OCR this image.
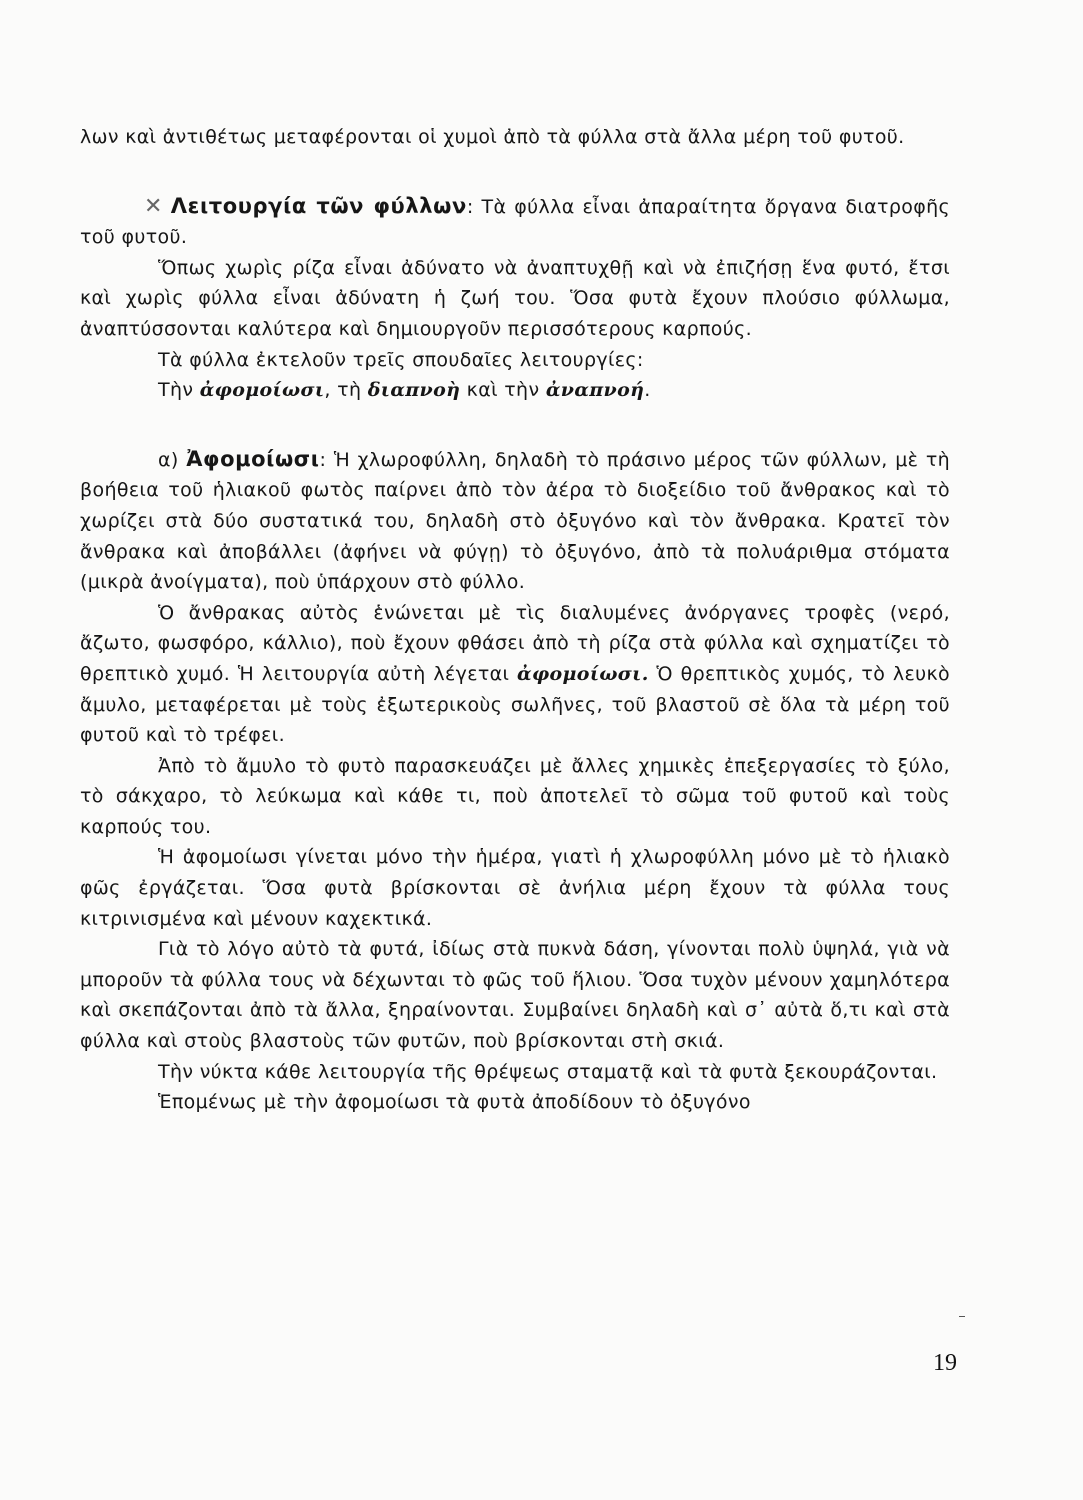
λων καὶ ἀντιθέτως μεταφέρονται οἱ χυμοὶ ἀπὸ τὰ φύλλα στὰ ἄλλα μέρη τοῦ φυτοῦ.

✕ Λειτουργία τῶν φύλλων: Τὰ φύλλα εἶναι ἀπαραίτητα ὄργανα διατροφῆς τοῦ φυτοῦ.

Ὅπως χωρὶς ρίζα εἶναι ἀδύνατο νὰ ἀναπτυχθῇ καὶ νὰ ἐπιζήσῃ ἕνα φυτό, ἔτσι καὶ χωρὶς φύλλα εἶναι ἀδύνατη ἡ ζωή του. Ὅσα φυτὰ ἔχουν πλούσιο φύλλωμα, ἀναπτύσσονται καλύτερα καὶ δημιουργοῦν περισσότερους καρπούς.

Τὰ φύλλα ἐκτελοῦν τρεῖς σπουδαῖες λειτουργίες:

Τὴν ἀφομοίωσι, τὴ διαπνοὴ καὶ τὴν ἀναπνοή.

α) Ἀφομοίωσι: Ἡ χλωροφύλλη, δηλαδὴ τὸ πράσινο μέρος τῶν φύλλων, μὲ τὴ βοήθεια τοῦ ἡλιακοῦ φωτὸς παίρνει ἀπὸ τὸν ἀέρα τὸ διοξείδιο τοῦ ἄνθρακος καὶ τὸ χωρίζει στὰ δύο συστατικά του, δηλαδὴ στὸ ὀξυγόνο καὶ τὸν ἄνθρακα. Κρατεῖ τὸν ἄνθρακα καὶ ἀποβάλλει (ἀφήνει νὰ φύγῃ) τὸ ὀξυγόνο, ἀπὸ τὰ πολυάριθμα στόματα (μικρὰ ἀνοίγματα), ποὺ ὑπάρχουν στὸ φύλλο.

Ὁ ἄνθρακας αὐτὸς ἑνώνεται μὲ τὶς διαλυμένες ἀνόργανες τροφὲς (νερό, ἄζωτο, φωσφόρο, κάλλιο), ποὺ ἔχουν φθάσει ἀπὸ τὴ ρίζα στὰ φύλλα καὶ σχηματίζει τὸ θρεπτικὸ χυμό. Ἡ λειτουργία αὐτὴ λέγεται ἀφομοίωσι. Ὁ θρεπτικὸς χυμός, τὸ λευκὸ ἄμυλο, μεταφέρεται μὲ τοὺς ἐξωτερικοὺς σωλῆνες, τοῦ βλαστοῦ σὲ ὅλα τὰ μέρη τοῦ φυτοῦ καὶ τὸ τρέφει.

Ἀπὸ τὸ ἄμυλο τὸ φυτὸ παρασκευάζει μὲ ἄλλες χημικὲς ἐπεξεργασίες τὸ ξύλο, τὸ σάκχαρο, τὸ λεύκωμα καὶ κάθε τι, ποὺ ἀποτελεῖ τὸ σῶμα τοῦ φυτοῦ καὶ τοὺς καρπούς του.

Ἡ ἀφομοίωσι γίνεται μόνο τὴν ἡμέρα, γιατὶ ἡ χλωροφύλλη μόνο μὲ τὸ ἡλιακὸ φῶς ἐργάζεται. Ὅσα φυτὰ βρίσκονται σὲ ἀνήλια μέρη ἔχουν τὰ φύλλα τους κιτρινισμένα καὶ μένουν καχεκτικά.

Γιὰ τὸ λόγο αὐτὸ τὰ φυτά, ἰδίως στὰ πυκνὰ δάση, γίνονται πολὺ ὑψηλά, γιὰ νὰ μποροῦν τὰ φύλλα τους νὰ δέχωνται τὸ φῶς τοῦ ἥλιου. Ὅσα τυχὸν μένουν χαμηλότερα καὶ σκεπάζονται ἀπὸ τὰ ἄλλα, ξηραίνονται. Συμβαίνει δηλαδὴ καὶ σ᾽ αὐτὰ ὅ,τι καὶ στὰ φύλλα καὶ στοὺς βλαστοὺς τῶν φυτῶν, ποὺ βρίσκονται στὴ σκιά.

Τὴν νύκτα κάθε λειτουργία τῆς θρέψεως σταματᾷ καὶ τὰ φυτὰ ξεκουράζονται.

Ἑπομένως μὲ τὴν ἀφομοίωσι τὰ φυτὰ ἀποδίδουν τὸ ὀξυγόνο

19
